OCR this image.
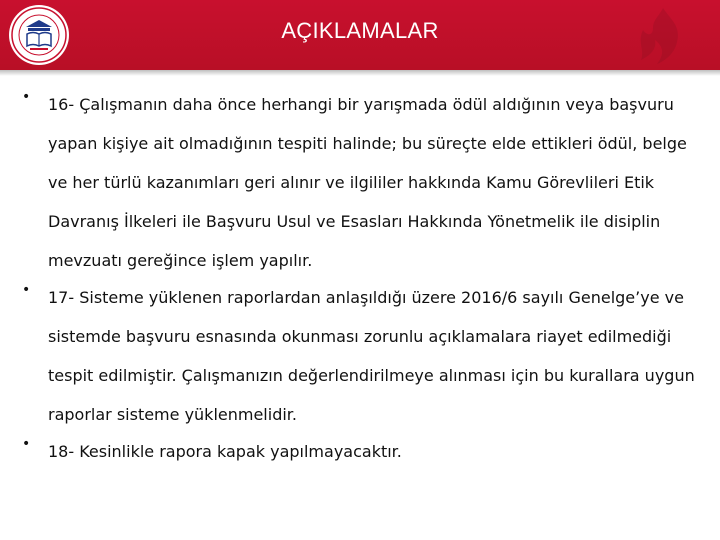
AÇIKLAMALAR
• 16- Çalışmanın daha önce herhangi bir yarışmada ödül aldığının veya başvuru yapan kişiye ait olmadığının tespiti halinde; bu süreçte elde ettikleri ödül, belge ve her türlü kazanımları geri alınır ve ilgililer hakkında Kamu Görevlileri Etik Davranış İlkeleri ile Başvuru Usul ve Esasları Hakkında Yönetmelik ile disiplin mevzuatı gereğince işlem yapılır.
• 17- Sisteme yüklenen raporlardan anlaşıldığı üzere 2016/6 sayılı Genelge’ye ve sistemde başvuru esnasında okunması zorunlu açıklamalara riayet edilmediği tespit edilmiştir. Çalışmanızın değerlendirilmeye alınması için bu kurallara uygun raporlar sisteme yüklenmelidir.
• 18- Kesinlikle rapora kapak yapılmayacaktır.
